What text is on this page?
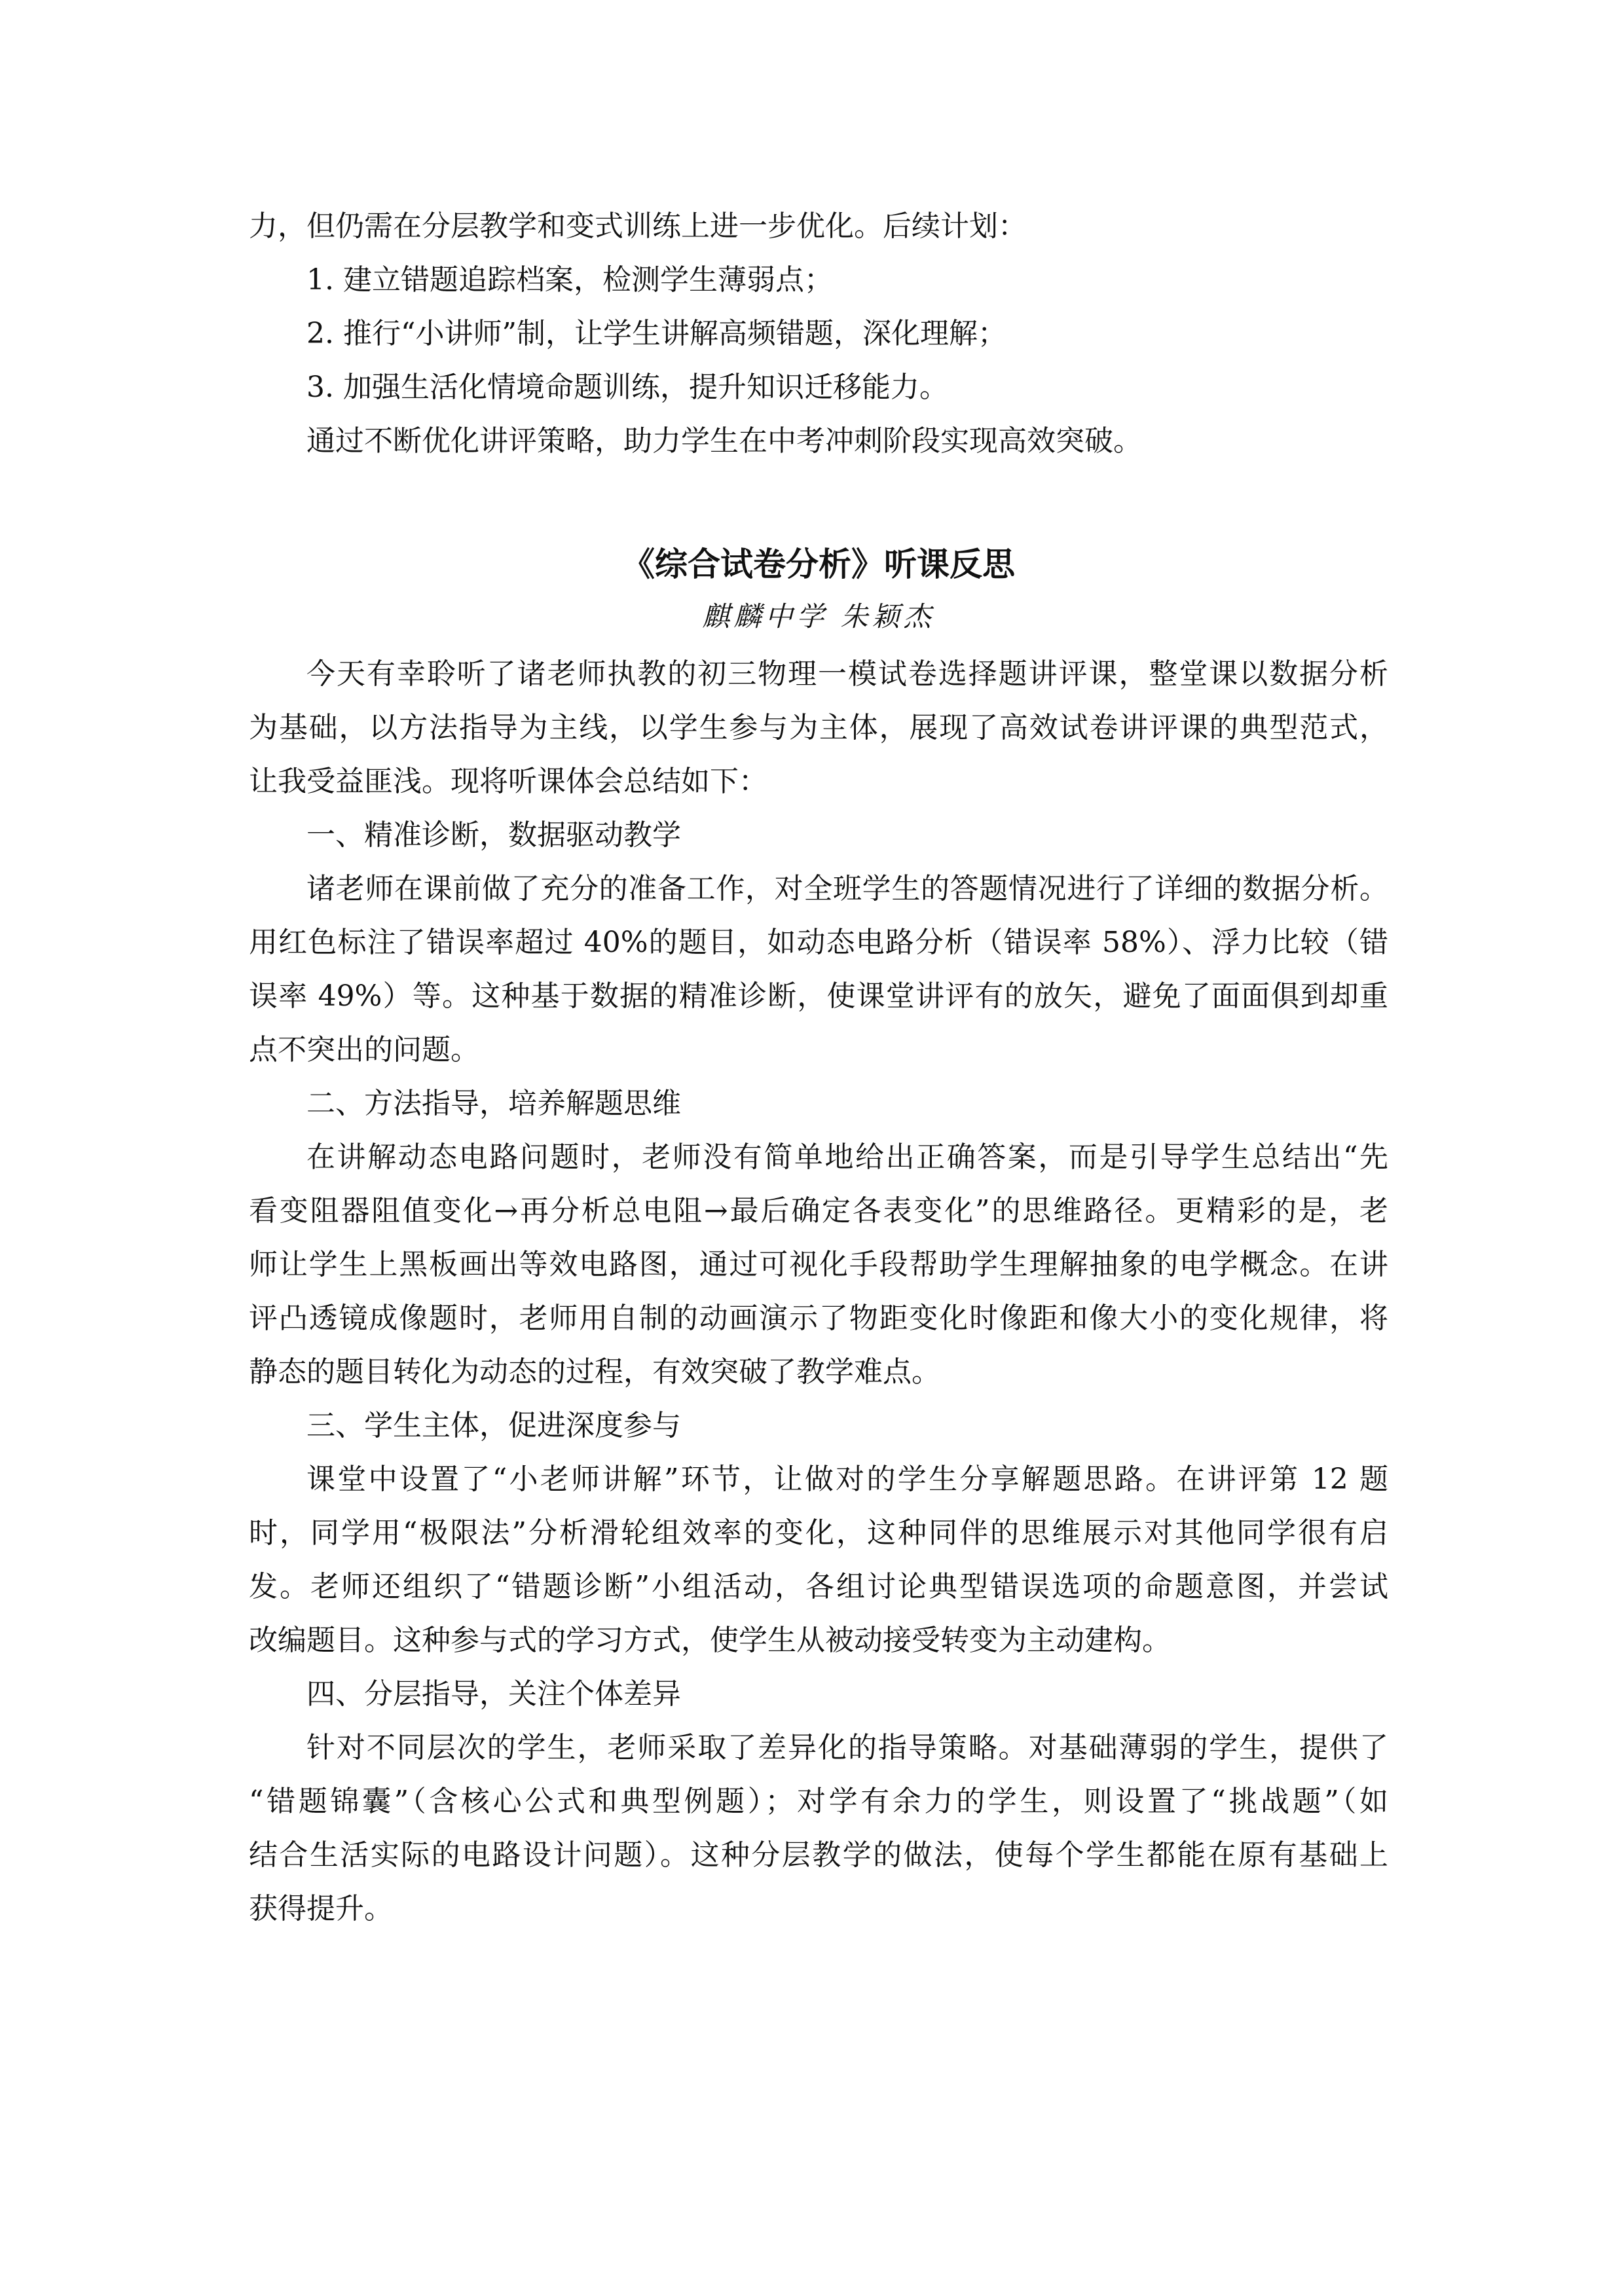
力，但仍需在分层教学和变式训练上进一步优化。后续计划：

1. 建立错题追踪档案，检测学生薄弱点；

2. 推行“小讲师”制，让学生讲解高频错题，深化理解；

3. 加强生活化情境命题训练，提升知识迁移能力。

通过不断优化讲评策略，助力学生在中考冲刺阶段实现高效突破。

《综合试卷分析》听课反思
麒麟中学 朱颖杰

今天有幸聆听了诸老师执教的初三物理一模试卷选择题讲评课，整堂课以数据分析

为基础，以方法指导为主线，以学生参与为主体，展现了高效试卷讲评课的典型范式，

让我受益匪浅。现将听课体会总结如下：

一、精准诊断，数据驱动教学

诸老师在课前做了充分的准备工作，对全班学生的答题情况进行了详细的数据分析。

用红色标注了错误率超过 40%的题目，如动态电路分析（错误率 58%）、浮力比较（错

误率 49%）等。这种基于数据的精准诊断，使课堂讲评有的放矢，避免了面面俱到却重

点不突出的问题。

二、方法指导，培养解题思维

在讲解动态电路问题时，老师没有简单地给出正确答案，而是引导学生总结出“先

看变阻器阻值变化→再分析总电阻→最后确定各表变化”的思维路径。更精彩的是，老

师让学生上黑板画出等效电路图，通过可视化手段帮助学生理解抽象的电学概念。在讲

评凸透镜成像题时，老师用自制的动画演示了物距变化时像距和像大小的变化规律，将

静态的题目转化为动态的过程，有效突破了教学难点。

三、学生主体，促进深度参与

课堂中设置了“小老师讲解”环节，让做对的学生分享解题思路。在讲评第 12 题

时，同学用“极限法”分析滑轮组效率的变化，这种同伴的思维展示对其他同学很有启

发。老师还组织了“错题诊断”小组活动，各组讨论典型错误选项的命题意图，并尝试

改编题目。这种参与式的学习方式，使学生从被动接受转变为主动建构。

四、分层指导，关注个体差异

针对不同层次的学生，老师采取了差异化的指导策略。对基础薄弱的学生，提供了

“错题锦囊”（含核心公式和典型例题）；对学有余力的学生，则设置了“挑战题”（如

结合生活实际的电路设计问题）。这种分层教学的做法，使每个学生都能在原有基础上

获得提升。
